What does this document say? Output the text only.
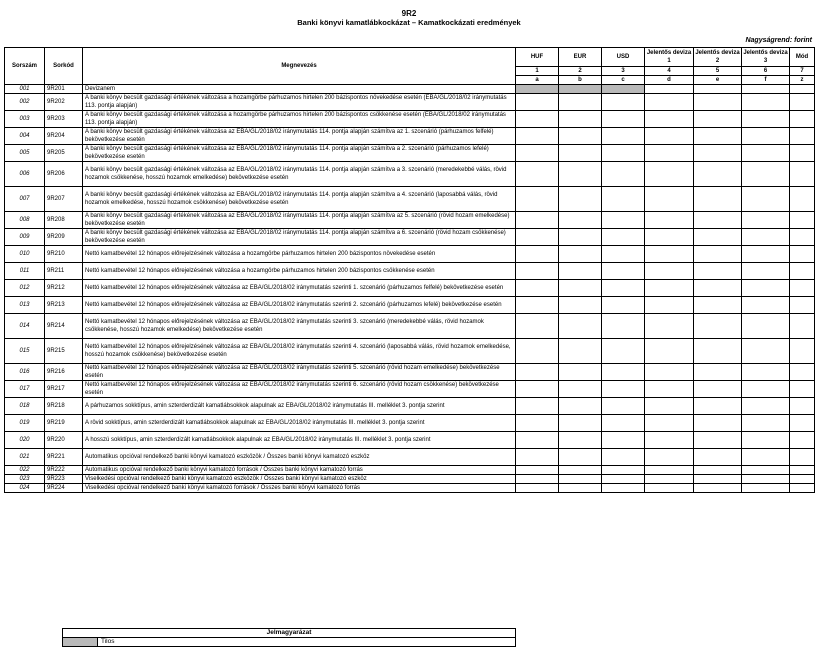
9R2
Banki könyvi kamatlábkockázat – Kamatkockázati eredmények
Nagyságrend: forint
Sorszám	Sorkód	Megnevezés	HUF	EUR	USD	Jelentős deviza 1	Jelentős deviza 2	Jelentős deviza 3	Mód
			1	2	3	4	5	6	7
			a	b	c	d	e	f	z
001	9R201	Devizanem							
002	9R202	A banki könyv becsült gazdasági értékének változása a hozamgörbe párhuzamos hirtelen 200 bázispontos növekedése esetén (EBA/GL/2018/02 iránymutatás 113. pontja alapján)							
003	9R203	A banki könyv becsült gazdasági értékének változása a hozamgörbe párhuzamos hirtelen 200 bázispontos csökkenése esetén (EBA/GL/2018/02 iránymutatás 113. pontja alapján)							
004	9R204	A banki könyv becsült gazdasági értékének változása az EBA/GL/2018/02 iránymutatás 114. pontja alapján számítva az 1. szcenárió (párhuzamos felfelé) bekövetkezése esetén							
005	9R205	A banki könyv becsült gazdasági értékének változása az EBA/GL/2018/02 iránymutatás 114. pontja alapján számítva a 2. szcenárió (párhuzamos lefelé) bekövetkezése esetén							
006	9R206	A banki könyv becsült gazdasági értékének változása az EBA/GL/2018/02 iránymutatás 114. pontja alapján számítva a 3. szcenárió (meredekebbé válás, rövid hozamok csökkenése, hosszú hozamok emelkedése) bekövetkezése esetén							
007	9R207	A banki könyv becsült gazdasági értékének változása az EBA/GL/2018/02 iránymutatás 114. pontja alapján számítva a 4. szcenárió (laposabbá válás, rövid hozamok emelkedése, hosszú hozamok csökkenése) bekövetkezése esetén							
008	9R208	A banki könyv becsült gazdasági értékének változása az EBA/GL/2018/02 iránymutatás 114. pontja alapján számítva az 5. szcenárió (rövid hozam emelkedése) bekövetkezése esetén							
009	9R209	A banki könyv becsült gazdasági értékének változása az EBA/GL/2018/02 iránymutatás 114. pontja alapján számítva a 6. szcenárió (rövid hozam csökkenése) bekövetkezése esetén							
010	9R210	Nettó kamatbevétel 12 hónapos előrejelzésének változása a hozamgörbe párhuzamos hirtelen 200 bázispontos növekedése esetén							
011	9R211	Nettó kamatbevétel 12 hónapos előrejelzésének változása a hozamgörbe párhuzamos hirtelen 200 bázispontos csökkenése esetén							
012	9R212	Nettó kamatbevétel 12 hónapos előrejelzésének változása az EBA/GL/2018/02 iránymutatás szerinti 1. szcenárió (párhuzamos felfelé) bekövetkezése esetén							
013	9R213	Nettó kamatbevétel 12 hónapos előrejelzésének változása az EBA/GL/2018/02 iránymutatás szerinti 2. szcenárió (párhuzamos lefelé) bekövetkezése esetén							
014	9R214	Nettó kamatbevétel 12 hónapos előrejelzésének változása az EBA/GL/2018/02 iránymutatás szerinti 3. szcenárió (meredekebbé válás, rövid hozamok csökkenése, hosszú hozamok emelkedése) bekövetkezése esetén							
015	9R215	Nettó kamatbevétel 12 hónapos előrejelzésének változása az EBA/GL/2018/02 iránymutatás szerinti 4. szcenárió (laposabbá válás, rövid hozamok emelkedése, hosszú hozamok csökkenése) bekövetkezése esetén							
016	9R216	Nettó kamatbevétel 12 hónapos előrejelzésének változása az EBA/GL/2018/02 iránymutatás szerinti 5. szcenárió (rövid hozam emelkedése) bekövetkezése esetén							
017	9R217	Nettó kamatbevétel 12 hónapos előrejelzésének változása az EBA/GL/2018/02 iránymutatás szerinti 6. szcenárió (rövid hozam csökkenése) bekövetkezése esetén							
018	9R218	A párhuzamos sokktípus, amin szterderdizált kamatlábsokkok alapulnak az EBA/GL/2018/02 iránymutatás III. melléklet 3. pontja szerint							
019	9R219	A rövid sokktípus, amin szterderdizált kamatlábsokkok alapulnak az EBA/GL/2018/02 iránymutatás III. melléklet 3. pontja szerint							
020	9R220	A hosszú sokktípus, amin szterderdizált kamatlábsokkok alapulnak az EBA/GL/2018/02 iránymutatás III. melléklet 3. pontja szerint							
021	9R221	Automatikus opcióval rendelkező banki könyvi kamatozó eszközök / Összes banki könyvi kamatozó eszköz							
022	9R222	Automatikus opcióval rendelkező banki könyvi kamatozó források / Összes banki könyvi kamatozó forrás							
023	9R223	Viselkedési opcióval rendelkező banki könyvi kamatozó eszközök / Összes banki könyvi kamatozó eszköz							
024	9R224	Viselkedési opcióval rendelkező banki könyvi kamatozó források / Összes banki könyvi kamatozó forrás							
Jelmagyarázat
	Tilos
